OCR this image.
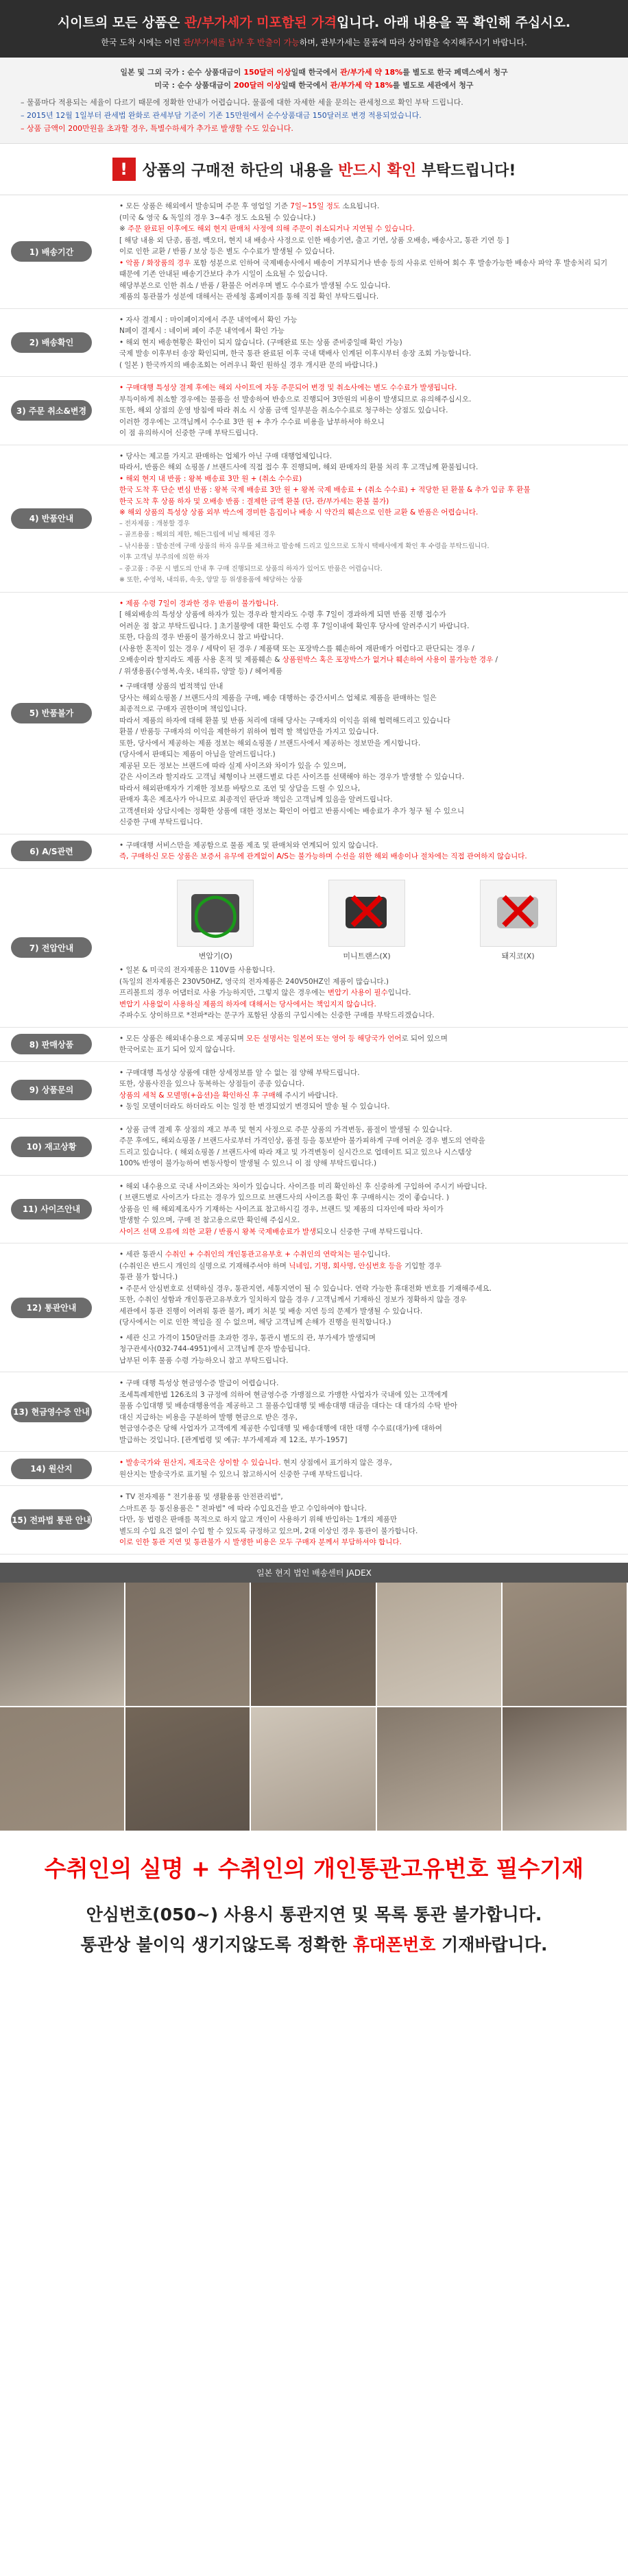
시이트의 모든 상품은 관/부가세가 미포함된 가격입니다. 아래 내용을 꼭 확인해 주십시오.
한국 도착 시에는 이런 관/부가세를 납부 후 반출이 가능하며, 관부가세는 물품에 따라 상이함을 숙지해주시기 바랍니다.
일본 및 그외 국가 : 순수 상품대금이 150달러 이상일때 한국에서 관/부가세 약 18%를 별도로 한국 페덱스에서 청구
미국 : 순수 상품대금이 200달러 이상일때 한국에서 관/부가세 약 18%를 별도로 세관에서 청구
– 물품마다 적용되는 세율이 다르기 때문에 정확한 안내가 어렵습니다. 물품에 대한 자세한 세율 문의는 관세청으로 확인 부탁 드립니다.
– 2015년 12월 1일부터 관세법 완화로 관세부담 기준이 기존 15만원에서 순수상품대금 150달러로 변경 적용되었습니다.
– 상품 금액이 200만원을 초과할 경우, 특별수하세가 추가로 발생할 수도 있습니다.
! 상품의 구매전 하단의 내용을 반드시 확인 부탁드립니다!
1) 배송기간

• 모든 상품은 해외에서 발송되며 주문 후 영업일 기준 7일~15일 정도 소요됩니다.

(미국 & 영국 & 독일의 경우 3~4주 정도 소요될 수 있습니다.)

※ 주문 완료된 이후에도 해외 현지 판매처 사정에 의해 주문이 취소되거나 지연될 수 있습니다.

[ 해당 내용 외 단종, 품절, 백오더, 현지 내 배송사 사정으로 인한 배송기연, 출고 기연, 상품 오배송, 배송사고, 통관 기연 등 ]

이로 인한 교환 / 반품 / 보상 등은 별도 수수료가 발생될 수 있습니다.

• 악품 / 화장품의 경우 포함 성분으로 인하여 국제배송사에서 배송이 거부되거나 반송 등의 사유로 인하여 회수 후 발송가능한 배송사 파악 후 발송처리 되기 때문에 기존 안내된 배송기간보다 추가 시일이 소요될 수 있습니다.

해당부분으로 인한 취소 / 반품 / 환불은 어려우며 별도 수수료가 발생될 수도 있습니다.

제품의 통관불가 성분에 대해서는 관세청 홈페이지를 통해 직접 확인 부탁드립니다.

2) 배송확인

• 자사 결제시 : 마이페이지에서 주문 내역에서 확인 가능

N페이 결제시 : 네이버 페이 주문 내역에서 확인 가능

• 해외 현지 배송현황은 확인이 되지 않습니다. (구매완료 또는 상품 준비중일때 확인 가능)

국제 발송 이후부터 송장 확인되며, 한국 통관 완료된 이후 국내 택배사 인계된 이후시부터 송장 조회 가능합니다.

( 일본 ) 한국까지의 배송조회는 어려우니 확인 원하실 경우 개시판 문의 바랍니다.)

3) 주문 취소&변경

• 구매대행 특성상 결제 후에는 해외 사이트에 자동 주문되어 변경 및 취소사에는 별도 수수료가 발생됩니다.

부득이하게 취소할 경우에는 물품을 선 발송하여 반송으로 진행되어 3만원의 비용이 발생되므로 유의해주십시오.

또한, 해외 상점의 운영 방침에 따라 취소 시 상품 금액 일부분을 취소수수료로 청구하는 상점도 있습니다.

이러한 경우에는 고객님께서 수수료 3만 원 + 추가 수수료 비용을 납부하셔야 하오니

이 점 유의하시어 신중한 구매 부탁드립니다.

4) 반품안내

• 당사는 제고를 가지고 판매하는 업체가 아닌 구매 대행업체입니다.

따라서, 반품은 해외 쇼핑몰 / 브랜드사에 직접 접수 후 진행되며, 해외 판매자의 환불 처리 후 고객님께 환불됩니다.

• 해외 현지 내 반품 : 왕복 배송료 3만 원 + (취소 수수료)

한국 도착 후 단순 변심 반품 : 왕복 국제 배송료 3만 원 + 왕복 국제 배송료 + (취소 수수료) + 적당한 된 환불 & 추가 입금 후 환불

한국 도착 후 상품 하자 및 오배송 반품 : 결제한 금액 환불 (단, 관/부가세는 환불 불가)

※ 해외 상품의 특성상 상품 외부 박스에 경미한 흠집이나 배송 시 약간의 훼손으로 인한 교환 & 반품은 어렵습니다.

– 전자제품 : 개봉할 경우

– 골프용품 : 해외의 제한, 해든그립에 비닐 해제된 경우

– 낚시용품 : 발송전에 구매 상품의 하자 유무를 체크하고 발송해 드리고 있으므로 도착시 택배사에게 확인 후 수령을 부탁드립니다.

이후 고객님 부주의에 의한 하자

– 중고품 : 주문 시 별도의 안내 후 구매 진행되므로 상품의 하자가 있어도 반품은 어렵습니다.

※ 또한, 수영복, 내의류, 속옷, 양말 등 위생용품에 해당하는 상품

5) 반품불가

• 제품 수령 7일이 경과한 경우 반품이 불가합니다.

[ 해외배송의 특성상 상품에 하자가 있는 경우라 할지라도 수령 후 7일이 경과하게 되면 반품 진행 접수가

어려운 점 참고 부탁드립니다. ] 초기불량에 대한 확인도 수령 후 7일이내에 확인후 당사에 알려주시기 바랍니다.

또한, 다음의 경우 반품이 불가하오니 참고 바랍니다.

(사용한 혼적이 있는 경우 / 세탁이 된 경우 / 제품택 또는 포장박스를 훼손하여 재판매가 어렵다고 판단되는 경우 /

오배송이라 할지라도 제품 사용 혼적 및 제품훼손 & 상품원박스 혹은 포장박스가 없거나 훼손하여 사용이 불가능한 경우 /

/ 위생용품(수영복,속옷, 내의류, 양말 등) / 헤어제품

• 구매대행 상품의 법적책임 안내

당사는 해외쇼핑몰 / 브랜드사의 제품을 구매, 배송 대행하는 중간서비스 업체로 제품을 판매하는 일은

최종적으로 구매자 권한이며 책임입니다.

따라서 제품의 하자에 대해 환불 및 반품 처리에 대해 당사는 구매자의 이익을 위해 협력해드리고 있습니다

환불 / 반품등 구매자의 이익을 제한하기 위하여 협력 할 책임만을 가지고 있습니다.

또한, 당사에서 제공하는 제품 정보는 해외쇼핑몰 / 브랜드사에서 제공하는 정보만을 게시합니다.

(당사에서 판매되는 제품이 아님을 알려드립니다.)

제공된 모든 정보는 브랜드에 따라 실제 사이즈와 차이가 있을 수 있으며,

같은 사이즈라 할지라도 고객님 체형이나 브랜드별로 다른 사이즈를 선택해야 하는 경우가 발생할 수 있습니다.

따라서 해외판매자가 기재한 정보를 바탕으로 조언 및 상담을 드릴 수 있으나,

판매자 혹은 제조사가 아니므로 최종적인 판단과 책임은 고객님께 있음을 알려드립니다.

고객센터와 상담시에는 정확한 상품에 대한 정보는 확인이 어렵고 반품시에는 배송료가 추가 청구 될 수 있으니

신중한 구매 부탁드립니다.

6) A/S관련

• 구매대행 서비스만을 제공함으로 물품 제조 및 판매처와 연계되어 있지 않습니다.

즉, 구매하신 모든 상품은 보증서 유무에 관계없이 A/S는 불가능하며 수선을 위한 해외 배송이나 절차에는 직접 관여하지 않습니다.

7) 전압안내
○
변압기(O)
✕
미니트랜스(X)
✕
돼지코(X)

• 일본 & 미국의 전자제품은 110V를 사용합니다.

(독일의 전자제품은 230V50HZ, 영국의 전자제품은 240V50HZ인 제품이 많습니다.)

프리볼트의 경우 어댑터로 사용 가능하지만, 그렇지 않은 경우에는 변압기 사용이 필수입니다.

변압기 사용없이 사용하실 제품의 하자에 대해서는 당사에서는 책임지지 않습니다.

주파수도 상이하므로 *전파*라는 문구가 포함된 상품의 구입시에는 신중한 구매를 부탁드리겠습니다.

8) 판매상품

• 모든 상품은 해외내수용으로 제공되며 모든 설명서는 일본어 또는 영어 등 해당국가 언어로 되어 있으며

한국어로는 표기 되어 있지 않습니다.

9) 상품문의

• 구매대행 특성상 상품에 대한 상세정보를 알 수 없는 점 양해 부탁드립니다.

또한, 상품사진을 있으나 동복하는 상점들이 종종 있습니다.

상품의 세척 & 모델명(+옵션)을 확인하신 후 구매해 주시기 바랍니다.

• 동일 모델이더라도 하더라도 이는 일정 한 변경되었기 변경되어 발송 될 수 있습니다.

10) 재고상황

• 상품 금액 결제 후 상점의 재고 부족 및 현지 사정으로 주문 상품의 가격변동, 품절이 발생될 수 있습니다.

주문 후에도, 해외쇼핑몰 / 브랜드사로부터 가격인상, 품절 등을 통보받아 불가피하게 구매 어려운 경우 별도의 연락을

드리고 있습니다. ( 해외쇼핑몰 / 브랜드사에 따라 재고 및 가격변동이 실시간으로 업데이트 되고 있으나 시스템상

100% 반영이 불가능하여 변동사항이 발생될 수 있으니 이 점 양해 부탁드립니다.)

11) 사이즈안내

• 해외 내수용으로 국내 사이즈와는 차이가 있습니다. 사이즈를 미리 확인하신 후 신중하게 구입하여 주시기 바랍니다.

( 브랜드별로 사이즈가 다르는 경우가 있으므로 브랜드사의 사이즈를 확인 후 구매하시는 것이 좋습니다. )

상품을 인 해 해외제조사가 기재하는 사이즈표 참고하시길 경우, 브랜드 및 제품의 디자인에 따라 차이가

발생할 수 있으며, 구매 전 참고용으로만 확인해 주십시오.

사이즈 선택 오류에 의한 교환 / 반품시 왕복 국제배송료가 발생되오니 신중한 구매 부탁드립니다.

12) 통관안내

• 세관 통관시 수취인 + 수취인의 개인통관고유부호 + 수취인의 연락처는 필수입니다.

(수취인은 반드시 개인의 실명으로 기재해주셔야 하며 닉네임, 기명, 회사명, 안심번호 등을 기입할 경우

통관 불가 합니다.)

• 주문서 안심번호로 선택하실 경우, 통관지연, 세통지연이 될 수 있습니다. 연락 가능한 휴대전화 번호를 기재해주세요.

또한, 수취인 성함과 개인통관고유부호가 일치하지 않을 경우 / 고객님께서 기재하신 정보가 정확하지 않을 경우

세관에서 통관 진행이 어려워 통관 불가, 폐기 처분 및 배송 지연 등의 문제가 발생될 수 있습니다.

(당사에서는 이로 인한 책임을 질 수 없으며, 해당 고객님께 손해가 진행을 원칙합니다.)

• 세관 신고 가격이 150달러를 초과한 경우, 통관시 별도의 관, 부가세가 발생되며

청구관세사(032-744-4951)에서 고객님께 문자 발송됩니다.

납부된 이후 물품 수령 가능하오니 참고 부탁드립니다.

13) 현금영수증 안내

• 구매 대행 특성상 현금영수증 발급이 어렵습니다.

조세특례제한법 126조의 3 규정에 의하여 현금영수증 가맹점으로 가맹한 사업자가 국내에 있는 고객에게

물품 수입대행 및 배송대행용역을 제공하고 그 물품수입대행 및 배송대행 대금을 대다는 대 대가의 수탁 받아

대신 지급하는 비용을 구분하여 발행 현금으로 받은 경우,

현금영수증은 당해 사업자가 고객에게 제공한 수입대행 및 배송대행에 대한 대행 수수료(대가)에 대하여

발급하는 것입니다. [관계법령 및 예규: 부가세제과 제 12조, 부가-1957]

14) 원산지

• 발송국가와 원산지, 제조국은 상이할 수 있습니다. 현지 상점에서 표기하지 않은 경우,

원산지는 발송국가로 표기될 수 있으니 참고하시어 신중한 구매 부탁드립니다.

15) 전파법 통관 안내

• TV 전자제품 " 전기용품 및 생활용품 안전관리법",

스마트폰 등 통신용품은 " 전파법" 에 따라 수입요건을 받고 수입하여야 합니다.

다만, 동 법령은 판매를 목적으로 하지 않고 개인이 사용하기 위해 반입하는 1개의 제품만

별도의 수입 요건 없이 수입 할 수 있도록 규정하고 있으며, 2대 이상인 경우 통관이 불가합니다.

이로 인한 통관 지연 및 통관불가 시 발생한 비용은 모두 구매자 분께서 부담하셔야 합니다.

일본 현지 법인 배송센터 JADEX
수취인의 실명 + 수취인의 개인통관고유번호 필수기재
안심번호(050~) 사용시 통관지연 및 목록 통관 불가합니다.
통관상 불이익 생기지않도록 정확한 휴대폰번호 기재바랍니다.
